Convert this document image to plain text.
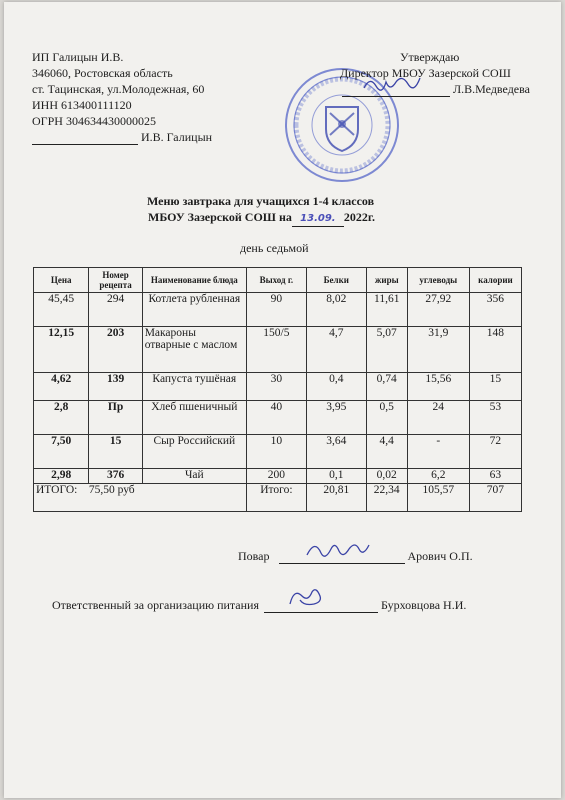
ИП Галицын И.В.
346060, Ростовская область
ст. Тацинская, ул.Молодежная, 60
ИНН 613400111120
ОГРН 304634430000025
И.В. Галицын
Утверждаю
Директор МБОУ Зазерской СОШ

Л.В.Медведева
Меню завтрака для учащихся 1-4 классов
МБОУ Зазерской СОШ на 13.09. 2022г.
день седьмой
Цена	Номер рецепта	Наименование блюда	Выход г.	Белки	жиры	углеводы	калории
45,45	294	Котлета рубленная	90	8,02	11,61	27,92	356
12,15	203	Макароны отварные с маслом	150/5	4,7	5,07	31,9	148
4,62	139	Капуста тушёная	30	0,4	0,74	15,56	15
2,8	Пр	Хлеб пшеничный	40	3,95	0,5	24	53
7,50	15	Сыр Российский	10	3,64	4,4	-	72
2,98	376	Чай	200	0,1	0,02	6,2	63
ИТОГО: 75,50 руб			Итого:	20,81	22,34	105,57	707
Повар	Арович О.П.
Ответственный за организацию питания	Бурховцова Н.И.
